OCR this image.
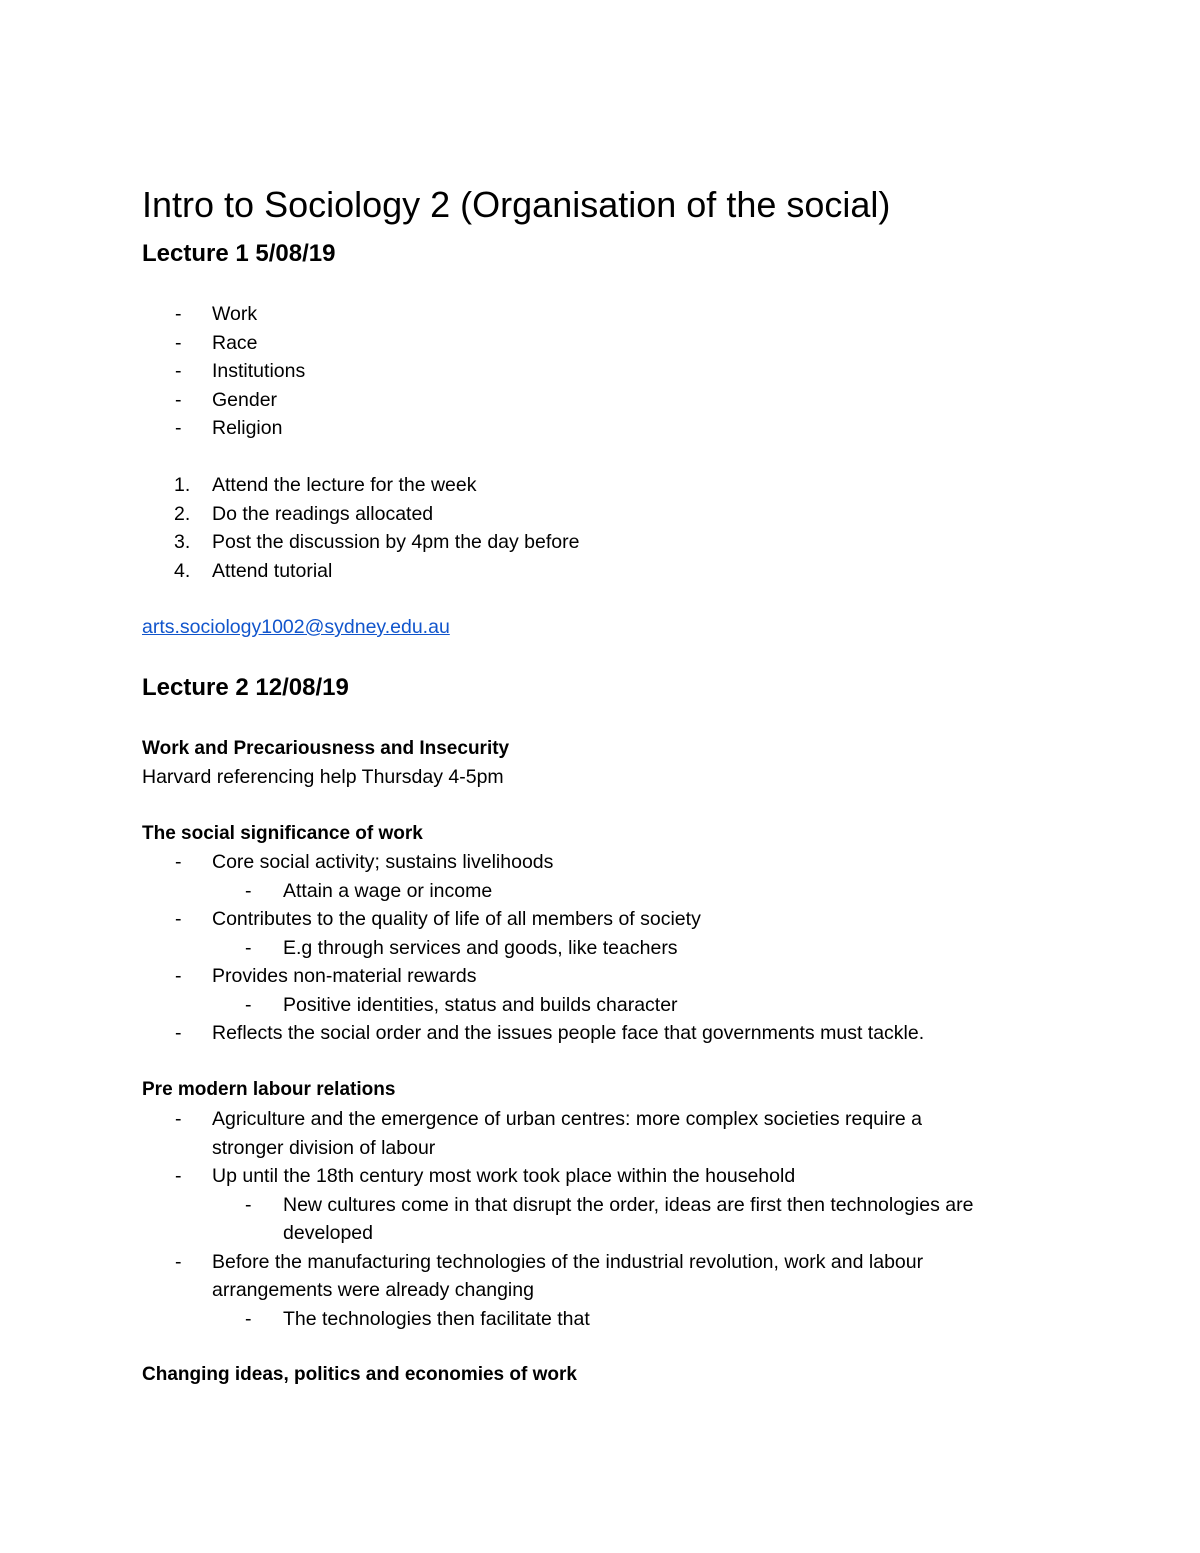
Intro to Sociology 2 (Organisation of the social)
Lecture 1 5/08/19
- Work
- Race
- Institutions
- Gender
- Religion
1. Attend the lecture for the week
2. Do the readings allocated
3. Post the discussion by 4pm the day before
4. Attend tutorial

arts.sociology1002@sydney.edu.au

Lecture 2 12/08/19
Work and Precariousness and Insecurity

Harvard referencing help Thursday 4-5pm

The social significance of work
- Core social activity; sustains livelihoods
- Attain a wage or income
- Contributes to the quality of life of all members of society
- E.g through services and goods, like teachers
- Provides non-material rewards
- Positive identities, status and builds character
- Reflects the social order and the issues people face that governments must tackle.
Pre modern labour relations
- Agriculture and the emergence of urban centres: more complex societies require a
stronger division of labour
- Up until the 18th century most work took place within the household
- New cultures come in that disrupt the order, ideas are first then technologies are
developed
- Before the manufacturing technologies of the industrial revolution, work and labour
arrangements were already changing
- The technologies then facilitate that
Changing ideas, politics and economies of work
